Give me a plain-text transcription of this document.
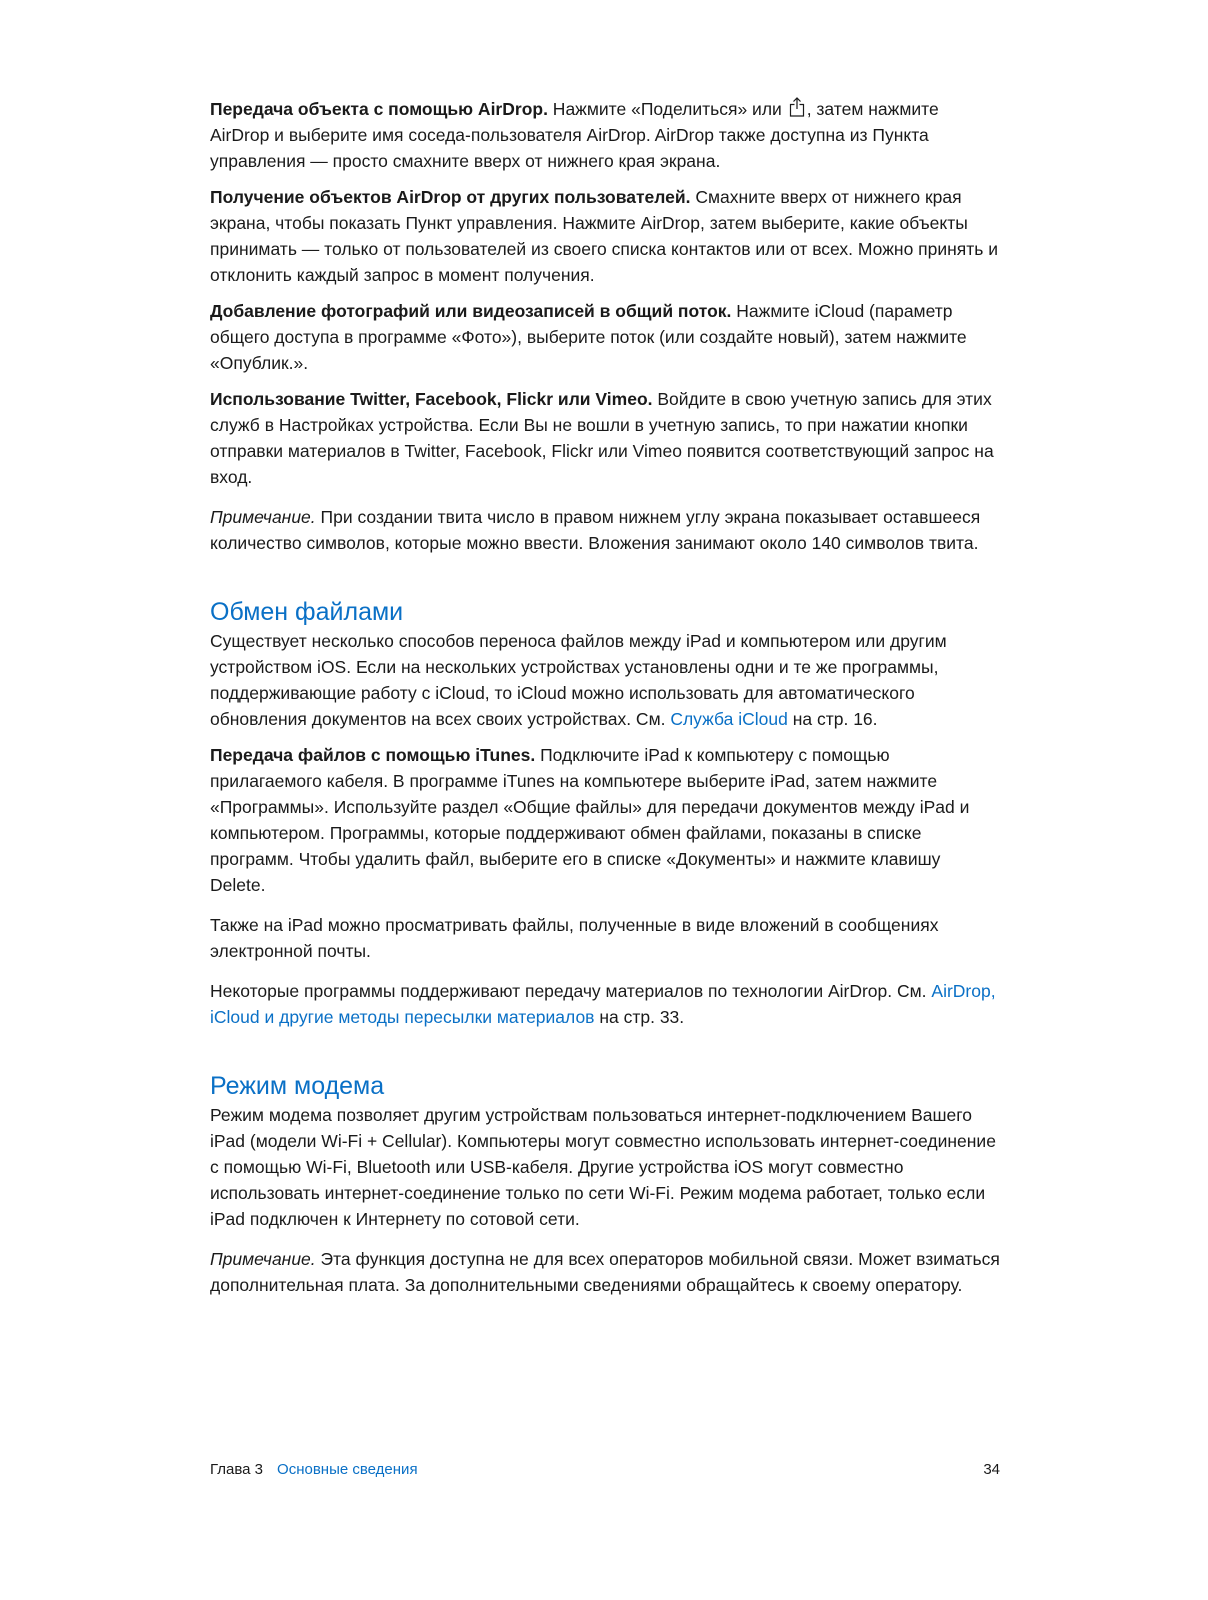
Передача объекта с помощью AirDrop. Нажмите «Поделиться» или , затем нажмите AirDrop и выберите имя соседа-пользователя AirDrop. AirDrop также доступна из Пункта управления — просто смахните вверх от нижнего края экрана.

Получение объектов AirDrop от других пользователей. Смахните вверх от нижнего края экрана, чтобы показать Пункт управления. Нажмите AirDrop, затем выберите, какие объекты принимать — только от пользователей из своего списка контактов или от всех. Можно принять и отклонить каждый запрос в момент получения.

Добавление фотографий или видеозаписей в общий поток. Нажмите iCloud (параметр общего доступа в программе «Фото»), выберите поток (или создайте новый), затем нажмите «Опублик.».

Использование Twitter, Facebook, Flickr или Vimeo. Войдите в свою учетную запись для этих служб в Настройках устройства. Если Вы не вошли в учетную запись, то при нажатии кнопки отправки материалов в Twitter, Facebook, Flickr или Vimeo появится соответствующий запрос на вход.

Примечание. При создании твита число в правом нижнем углу экрана показывает оставшееся количество символов, которые можно ввести. Вложения занимают около 140 символов твита.

Обмен файлами

Существует несколько способов переноса файлов между iPad и компьютером или другим устройством iOS. Если на нескольких устройствах установлены одни и те же программы, поддерживающие работу с iCloud, то iCloud можно использовать для автоматического обновления документов на всех своих устройствах. См. Служба iCloud на стр. 16.

Передача файлов с помощью iTunes. Подключите iPad к компьютеру с помощью прилагаемого кабеля. В программе iTunes на компьютере выберите iPad, затем нажмите «Программы». Используйте раздел «Общие файлы» для передачи документов между iPad и компьютером. Программы, которые поддерживают обмен файлами, показаны в списке программ. Чтобы удалить файл, выберите его в списке «Документы» и нажмите клавишу Delete.

Также на iPad можно просматривать файлы, полученные в виде вложений в сообщениях электронной почты.

Некоторые программы поддерживают передачу материалов по технологии AirDrop. См. AirDrop, iCloud и другие методы пересылки материалов на стр. 33.

Режим модема

Режим модема позволяет другим устройствам пользоваться интернет-подключением Вашего iPad (модели Wi-Fi + Cellular). Компьютеры могут совместно использовать интернет-соединение с помощью Wi-Fi, Bluetooth или USB-кабеля. Другие устройства iOS могут совместно использовать интернет-соединение только по сети Wi-Fi. Режим модема работает, только если iPad подключен к Интернету по сотовой сети.

Примечание. Эта функция доступна не для всех операторов мобильной связи. Может взиматься дополнительная плата. За дополнительными сведениями обращайтесь к своему оператору.

Глава 3 Основные сведения	34
